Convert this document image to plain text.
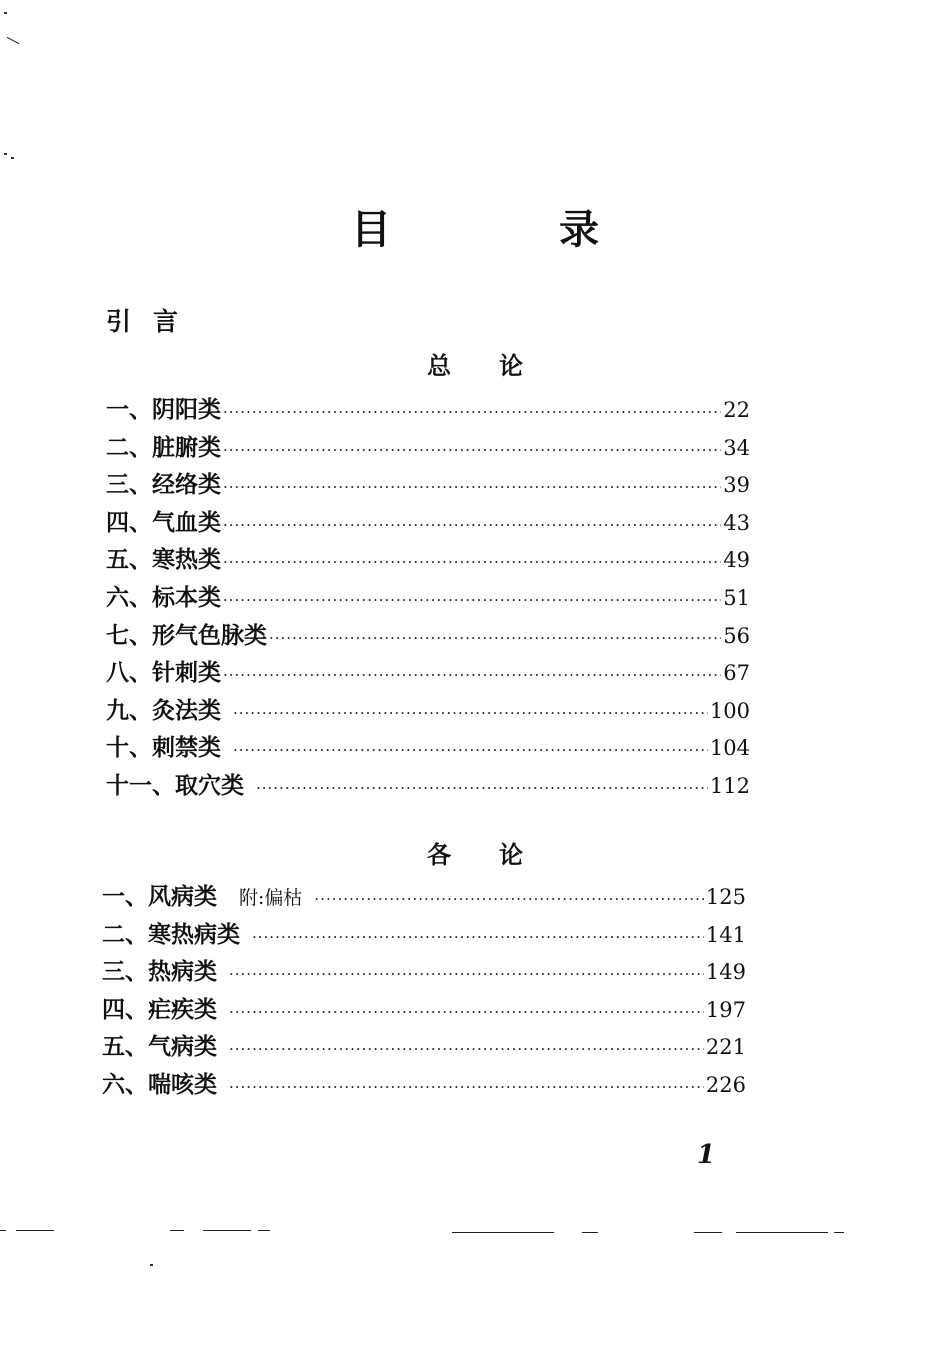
目　录
引言
总论
一、阴阳类 ·····	22
二、脏腑类 ·····	34
三、经络类 ·····	39
四、气血类 ·····	43
五、寒热类 ·····	49
六、标本类 ·····	51
七、形气色脉类 ·····	56
八、针刺类 ·····	67
九、灸法类 ·····	100
十、刺禁类 ·····	104
十一、取穴类 ·····	112
各论
一、风病类 附:偏枯 ·····	125
二、寒热病类 ·····	141
三、热病类 ·····	149
四、疟疾类 ·····	197
五、气病类 ·····	221
六、喘咳类 ·····	226
1
